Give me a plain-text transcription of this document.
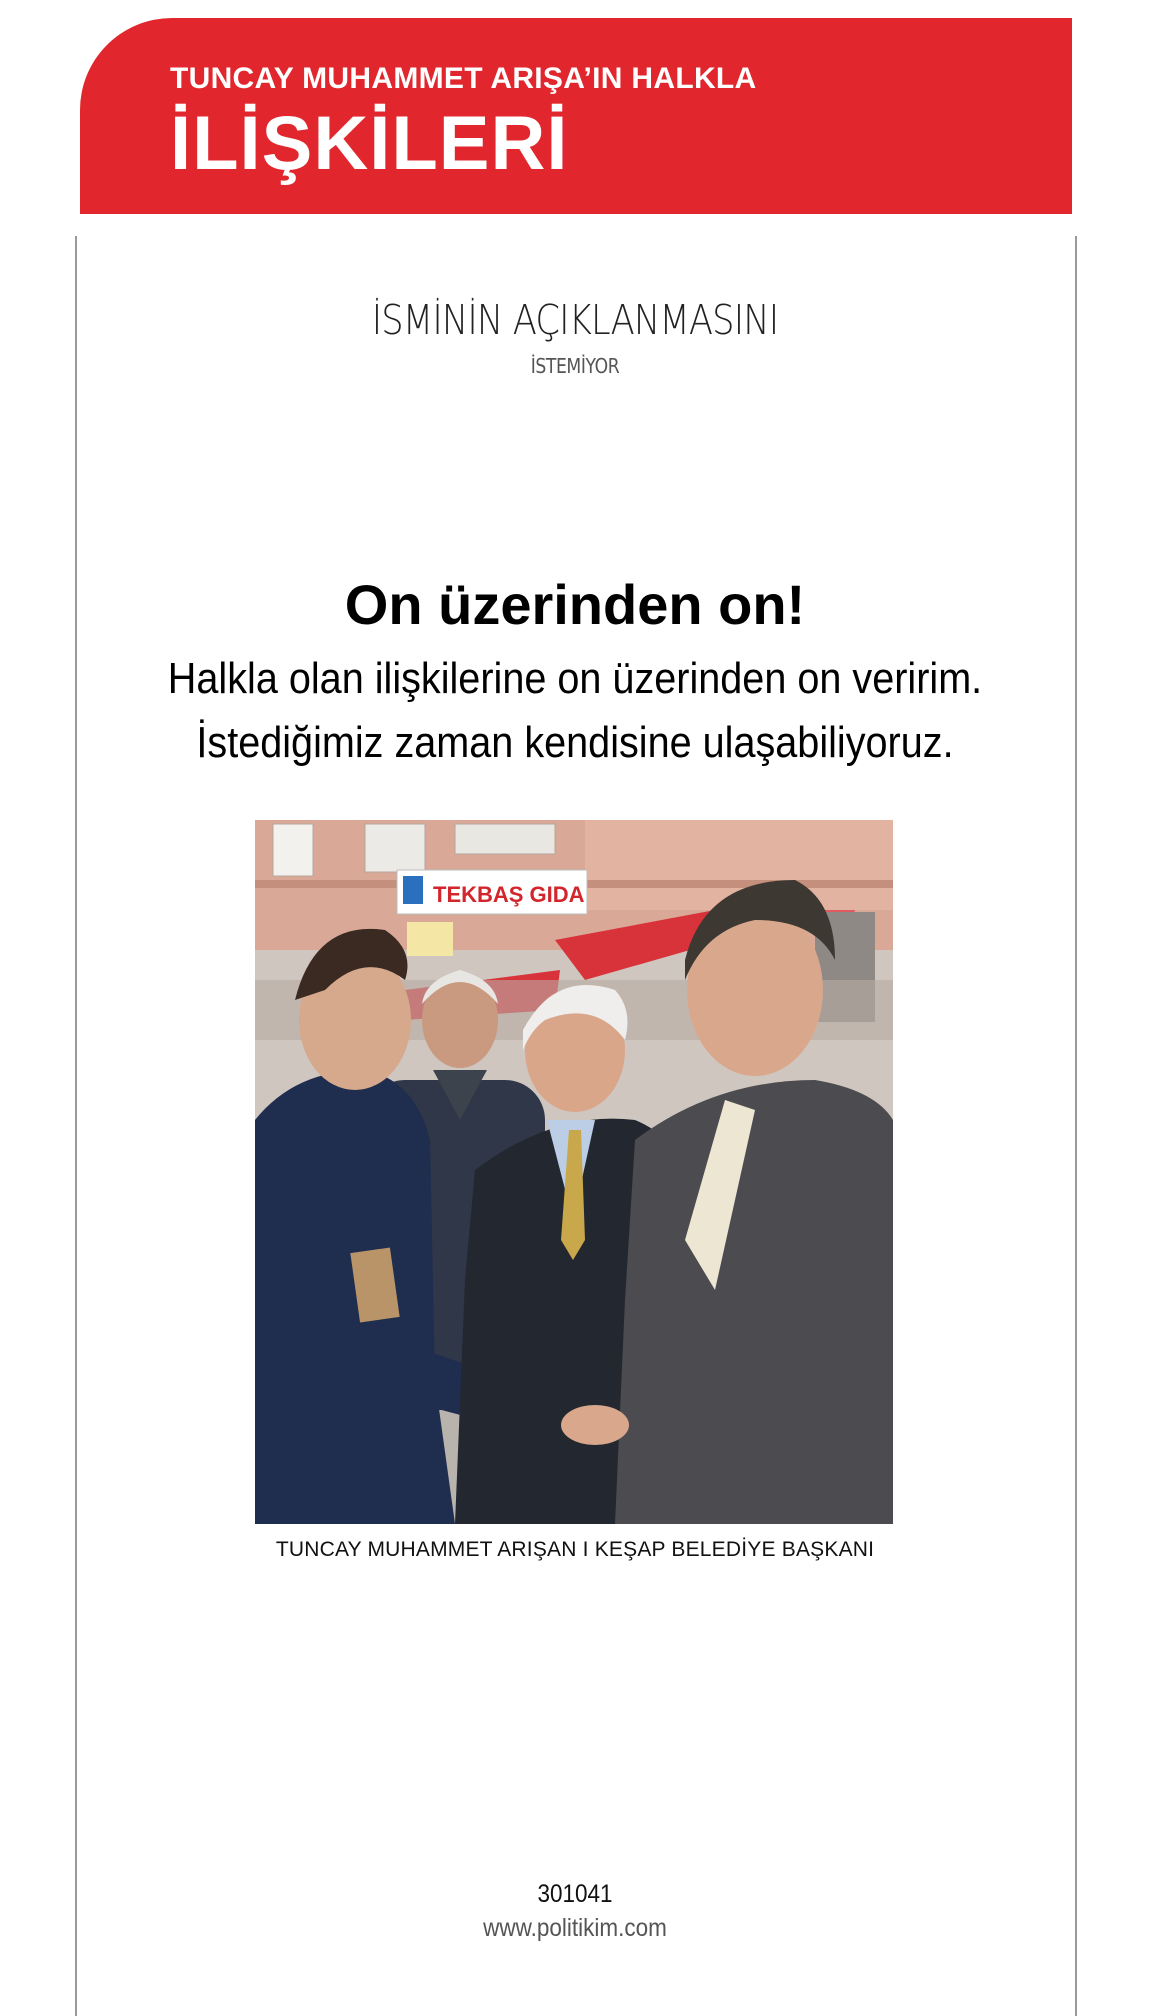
TUNCAY MUHAMMET ARIŞA’IN HALKLA
İLİŞKİLERİ
İSMİNİN AÇIKLANMASINI
İSTEMİYOR
On üzerinden on!
Halkla olan ilişkilerine on üzerinden on veririm.
İstediğimiz zaman kendisine ulaşabiliyoruz.
TEKBAŞ GIDA
TUNCAY MUHAMMET ARIŞAN I KEŞAP BELEDİYE BAŞKANI
301041
www.politikim.com
